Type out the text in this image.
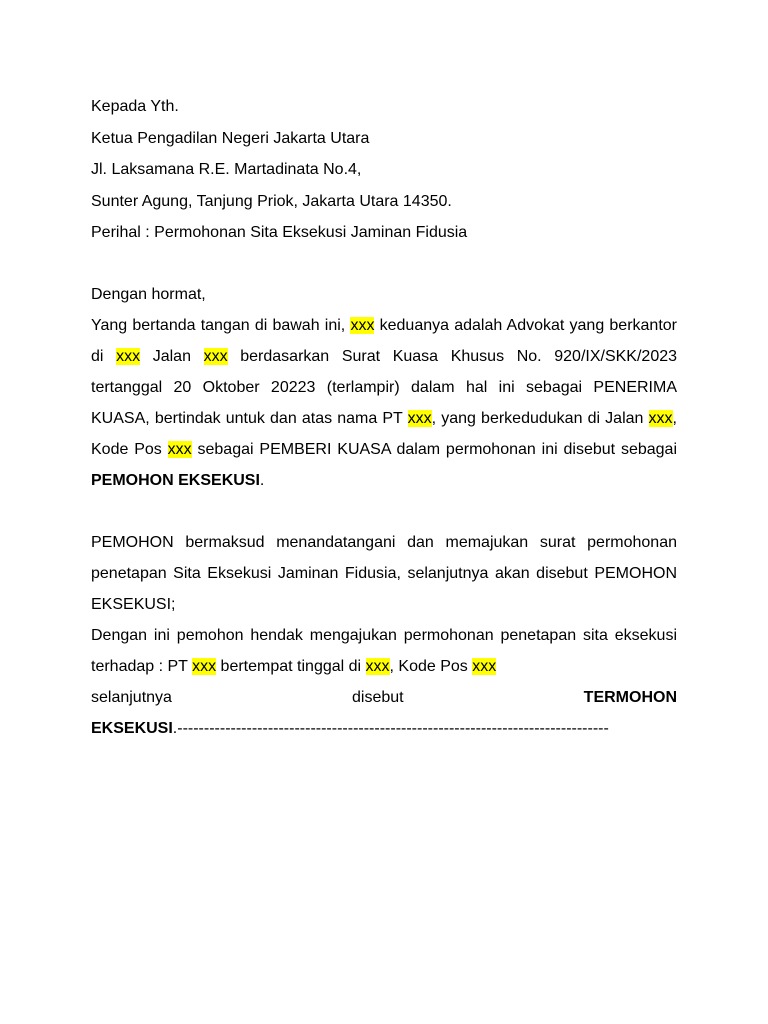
Kepada Yth.

Ketua Pengadilan Negeri Jakarta Utara

Jl. Laksamana R.E. Martadinata No.4,

Sunter Agung, Tanjung Priok, Jakarta Utara 14350.

Perihal : Permohonan Sita Eksekusi Jaminan Fidusia

Dengan hormat,

Yang bertanda tangan di bawah ini, xxx keduanya adalah Advokat yang berkantor di xxx Jalan xxx berdasarkan Surat Kuasa Khusus No. 920/IX/SKK/2023 tertanggal 20 Oktober 20223 (terlampir) dalam hal ini sebagai PENERIMA KUASA, bertindak untuk dan atas nama PT xxx, yang berkedudukan di Jalan xxx, Kode Pos xxx sebagai PEMBERI KUASA dalam permohonan ini disebut sebagai PEMOHON EKSEKUSI.

PEMOHON bermaksud menandatangani dan memajukan surat permohonan penetapan Sita Eksekusi Jaminan Fidusia, selanjutnya akan disebut PEMOHON EKSEKUSI;

Dengan ini pemohon hendak mengajukan permohonan penetapan sita eksekusi terhadap : PT xxx bertempat tinggal di xxx, Kode Pos xxx

selanjutnya	disebut	TERMOHON
EKSEKUSI.---------------------------------------------------------------------------------
